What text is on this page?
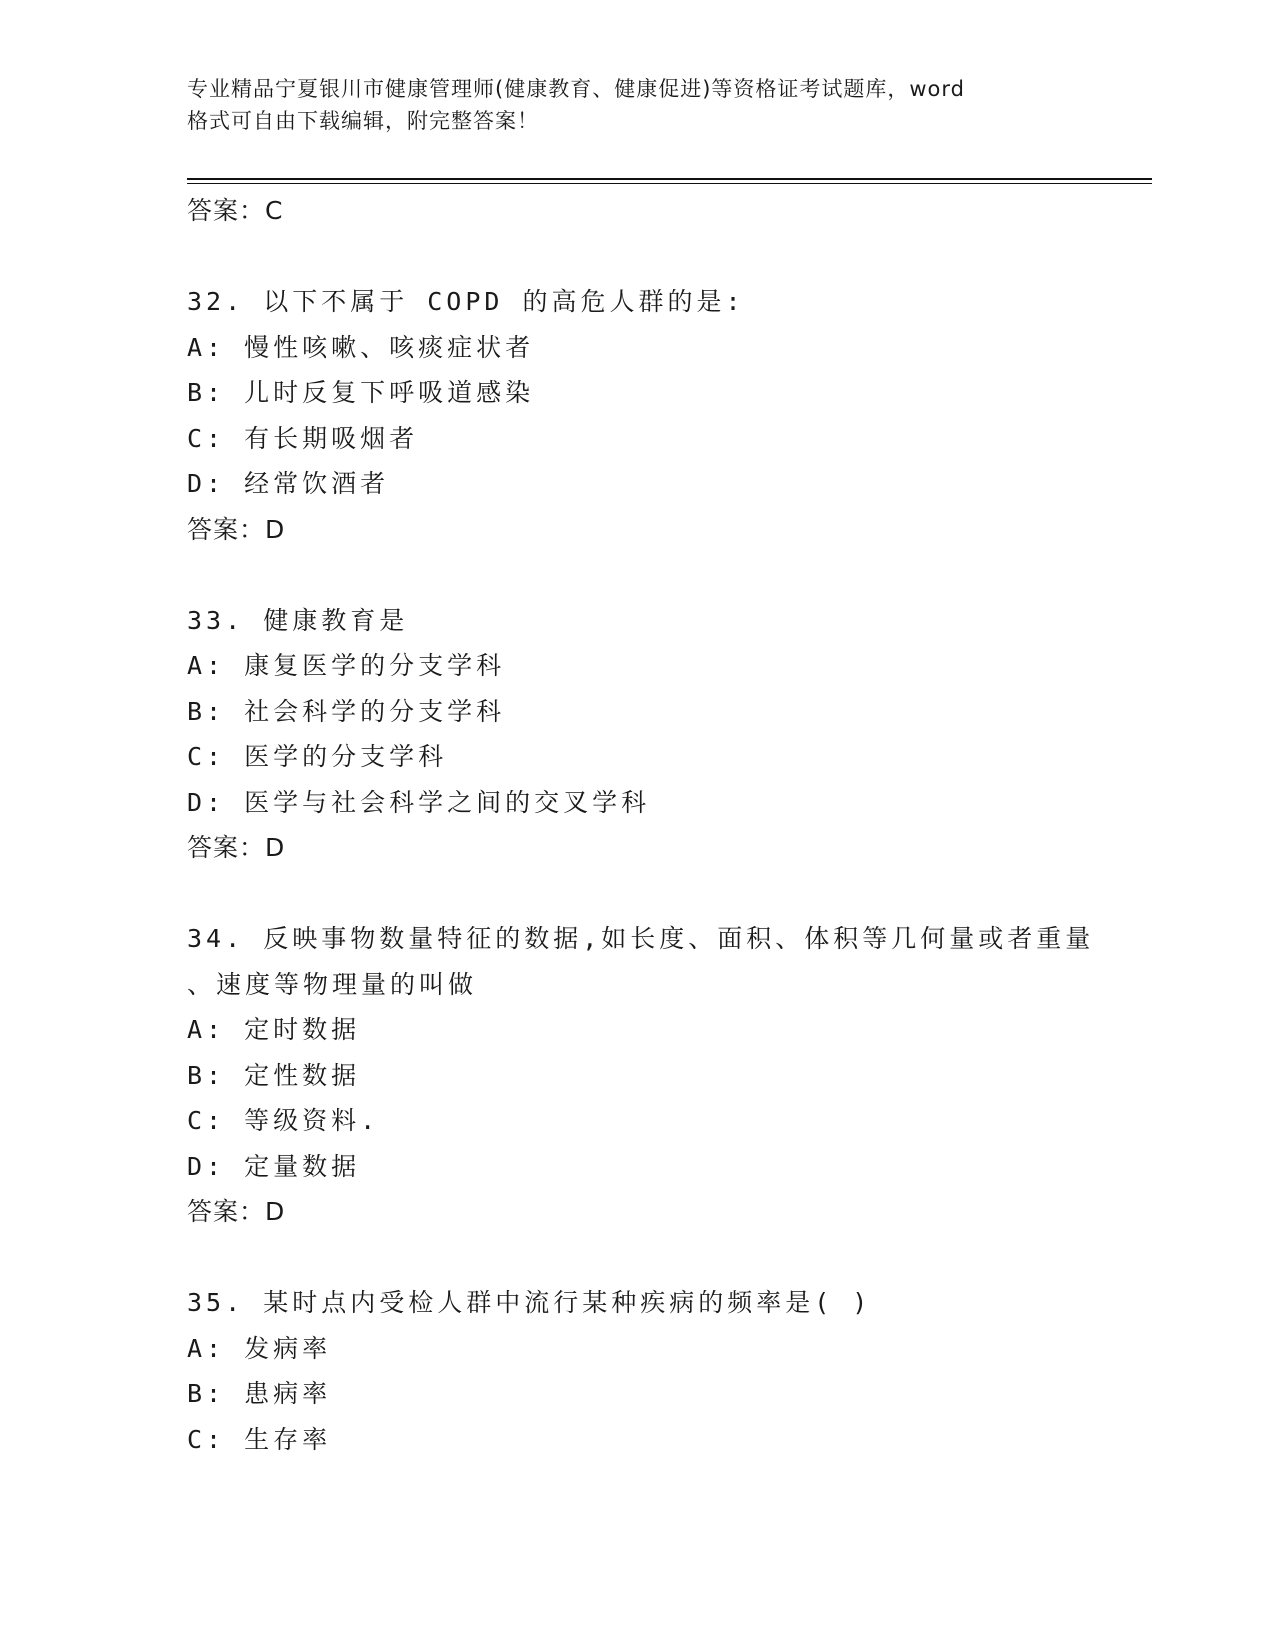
专业精品宁夏银川市健康管理师(健康教育、健康促进)等资格证考试题库，word
格式可自由下载编辑，附完整答案！
答案：C
32. 以下不属于 COPD 的高危人群的是:
A: 慢性咳嗽、咳痰症状者
B: 儿时反复下呼吸道感染
C: 有长期吸烟者
D: 经常饮酒者
答案：D
33. 健康教育是
A: 康复医学的分支学科
B: 社会科学的分支学科
C: 医学的分支学科
D: 医学与社会科学之间的交叉学科
答案：D
34. 反映事物数量特征的数据,如长度、面积、体积等几何量或者重量
、速度等物理量的叫做
A: 定时数据
B: 定性数据
C: 等级资料.
D: 定量数据
答案：D
35. 某时点内受检人群中流行某种疾病的频率是( )
A: 发病率
B: 患病率
C: 生存率
